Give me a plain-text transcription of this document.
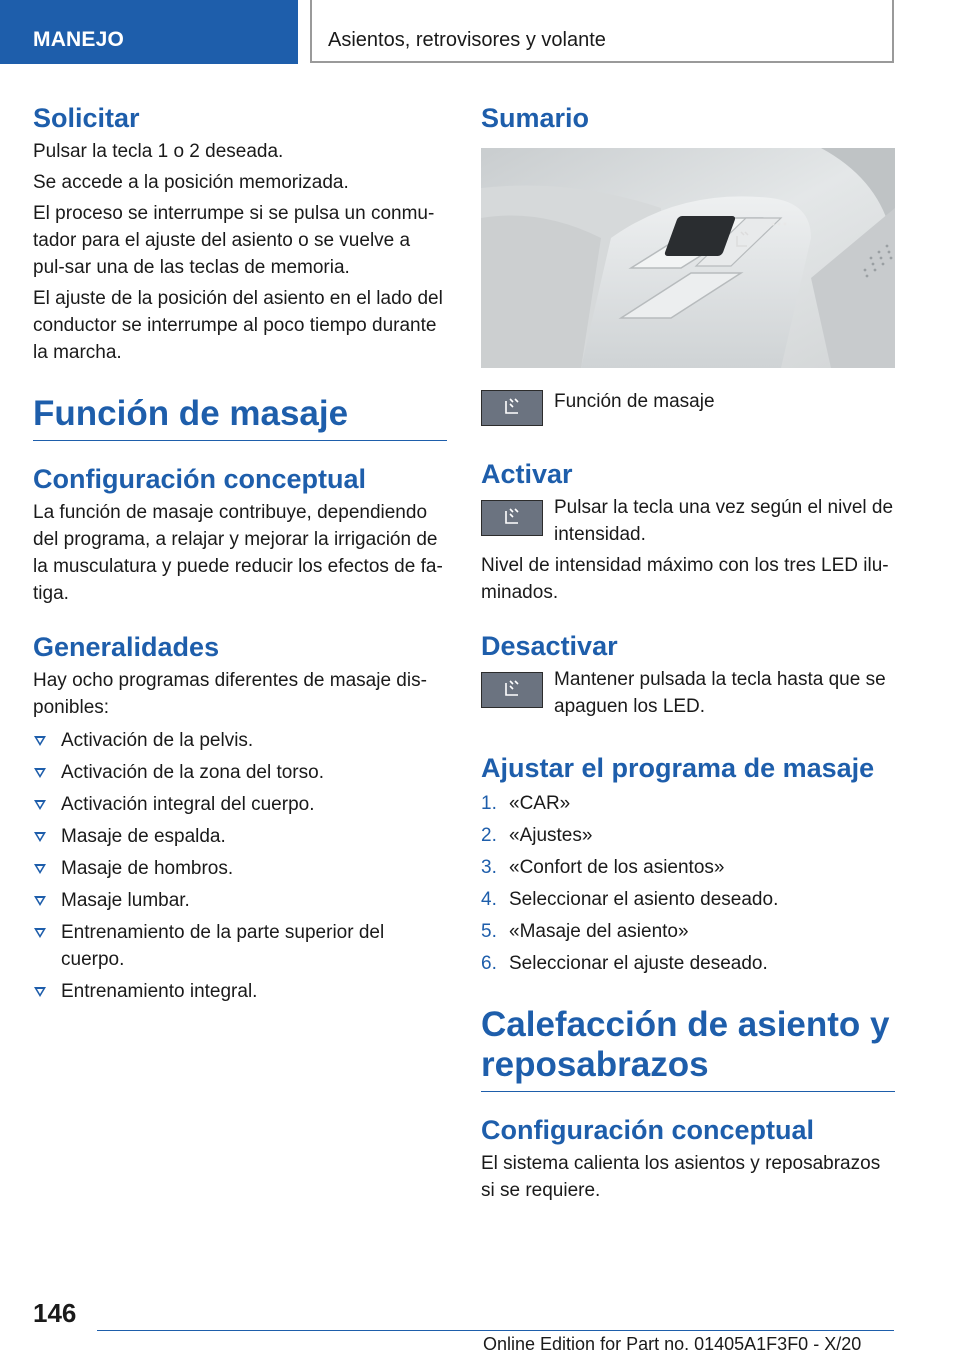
MANEJO	Asientos, retrovisores y volante
Solicitar

Pulsar la tecla 1 o 2 deseada.

Se accede a la posición memorizada.

El proceso se interrumpe si se pulsa un conmu-tador para el ajuste del asiento o se vuelve a pul-sar una de las teclas de memoria.

El ajuste de la posición del asiento en el lado del conductor se interrumpe al poco tiempo durante la marcha.

Función de masaje
Configuración conceptual

La función de masaje contribuye, dependiendo del programa, a relajar y mejorar la irrigación de la musculatura y puede reducir los efectos de fa-tiga.

Generalidades

Hay ocho programas diferentes de masaje dis-ponibles:

Activación de la pelvis.
Activación de la zona del torso.
Activación integral del cuerpo.
Masaje de espalda.
Masaje de hombros.
Masaje lumbar.
Entrenamiento de la parte superior del cuerpo.
Entrenamiento integral.
Sumario
Función de masaje
Activar
Pulsar la tecla una vez según el nivel de intensidad.

Nivel de intensidad máximo con los tres LED ilu-minados.

Desactivar
Mantener pulsada la tecla hasta que se apaguen los LED.
Ajustar el programa de masaje
1. «CAR»
2. «Ajustes»
3. «Confort de los asientos»
4. Seleccionar el asiento deseado.
5. «Masaje del asiento»
6. Seleccionar el ajuste deseado.
Calefacción de asiento y reposabrazos
Configuración conceptual

El sistema calienta los asientos y reposabrazos si se requiere.

146
Online Edition for Part no. 01405A1F3F0 - X/20
